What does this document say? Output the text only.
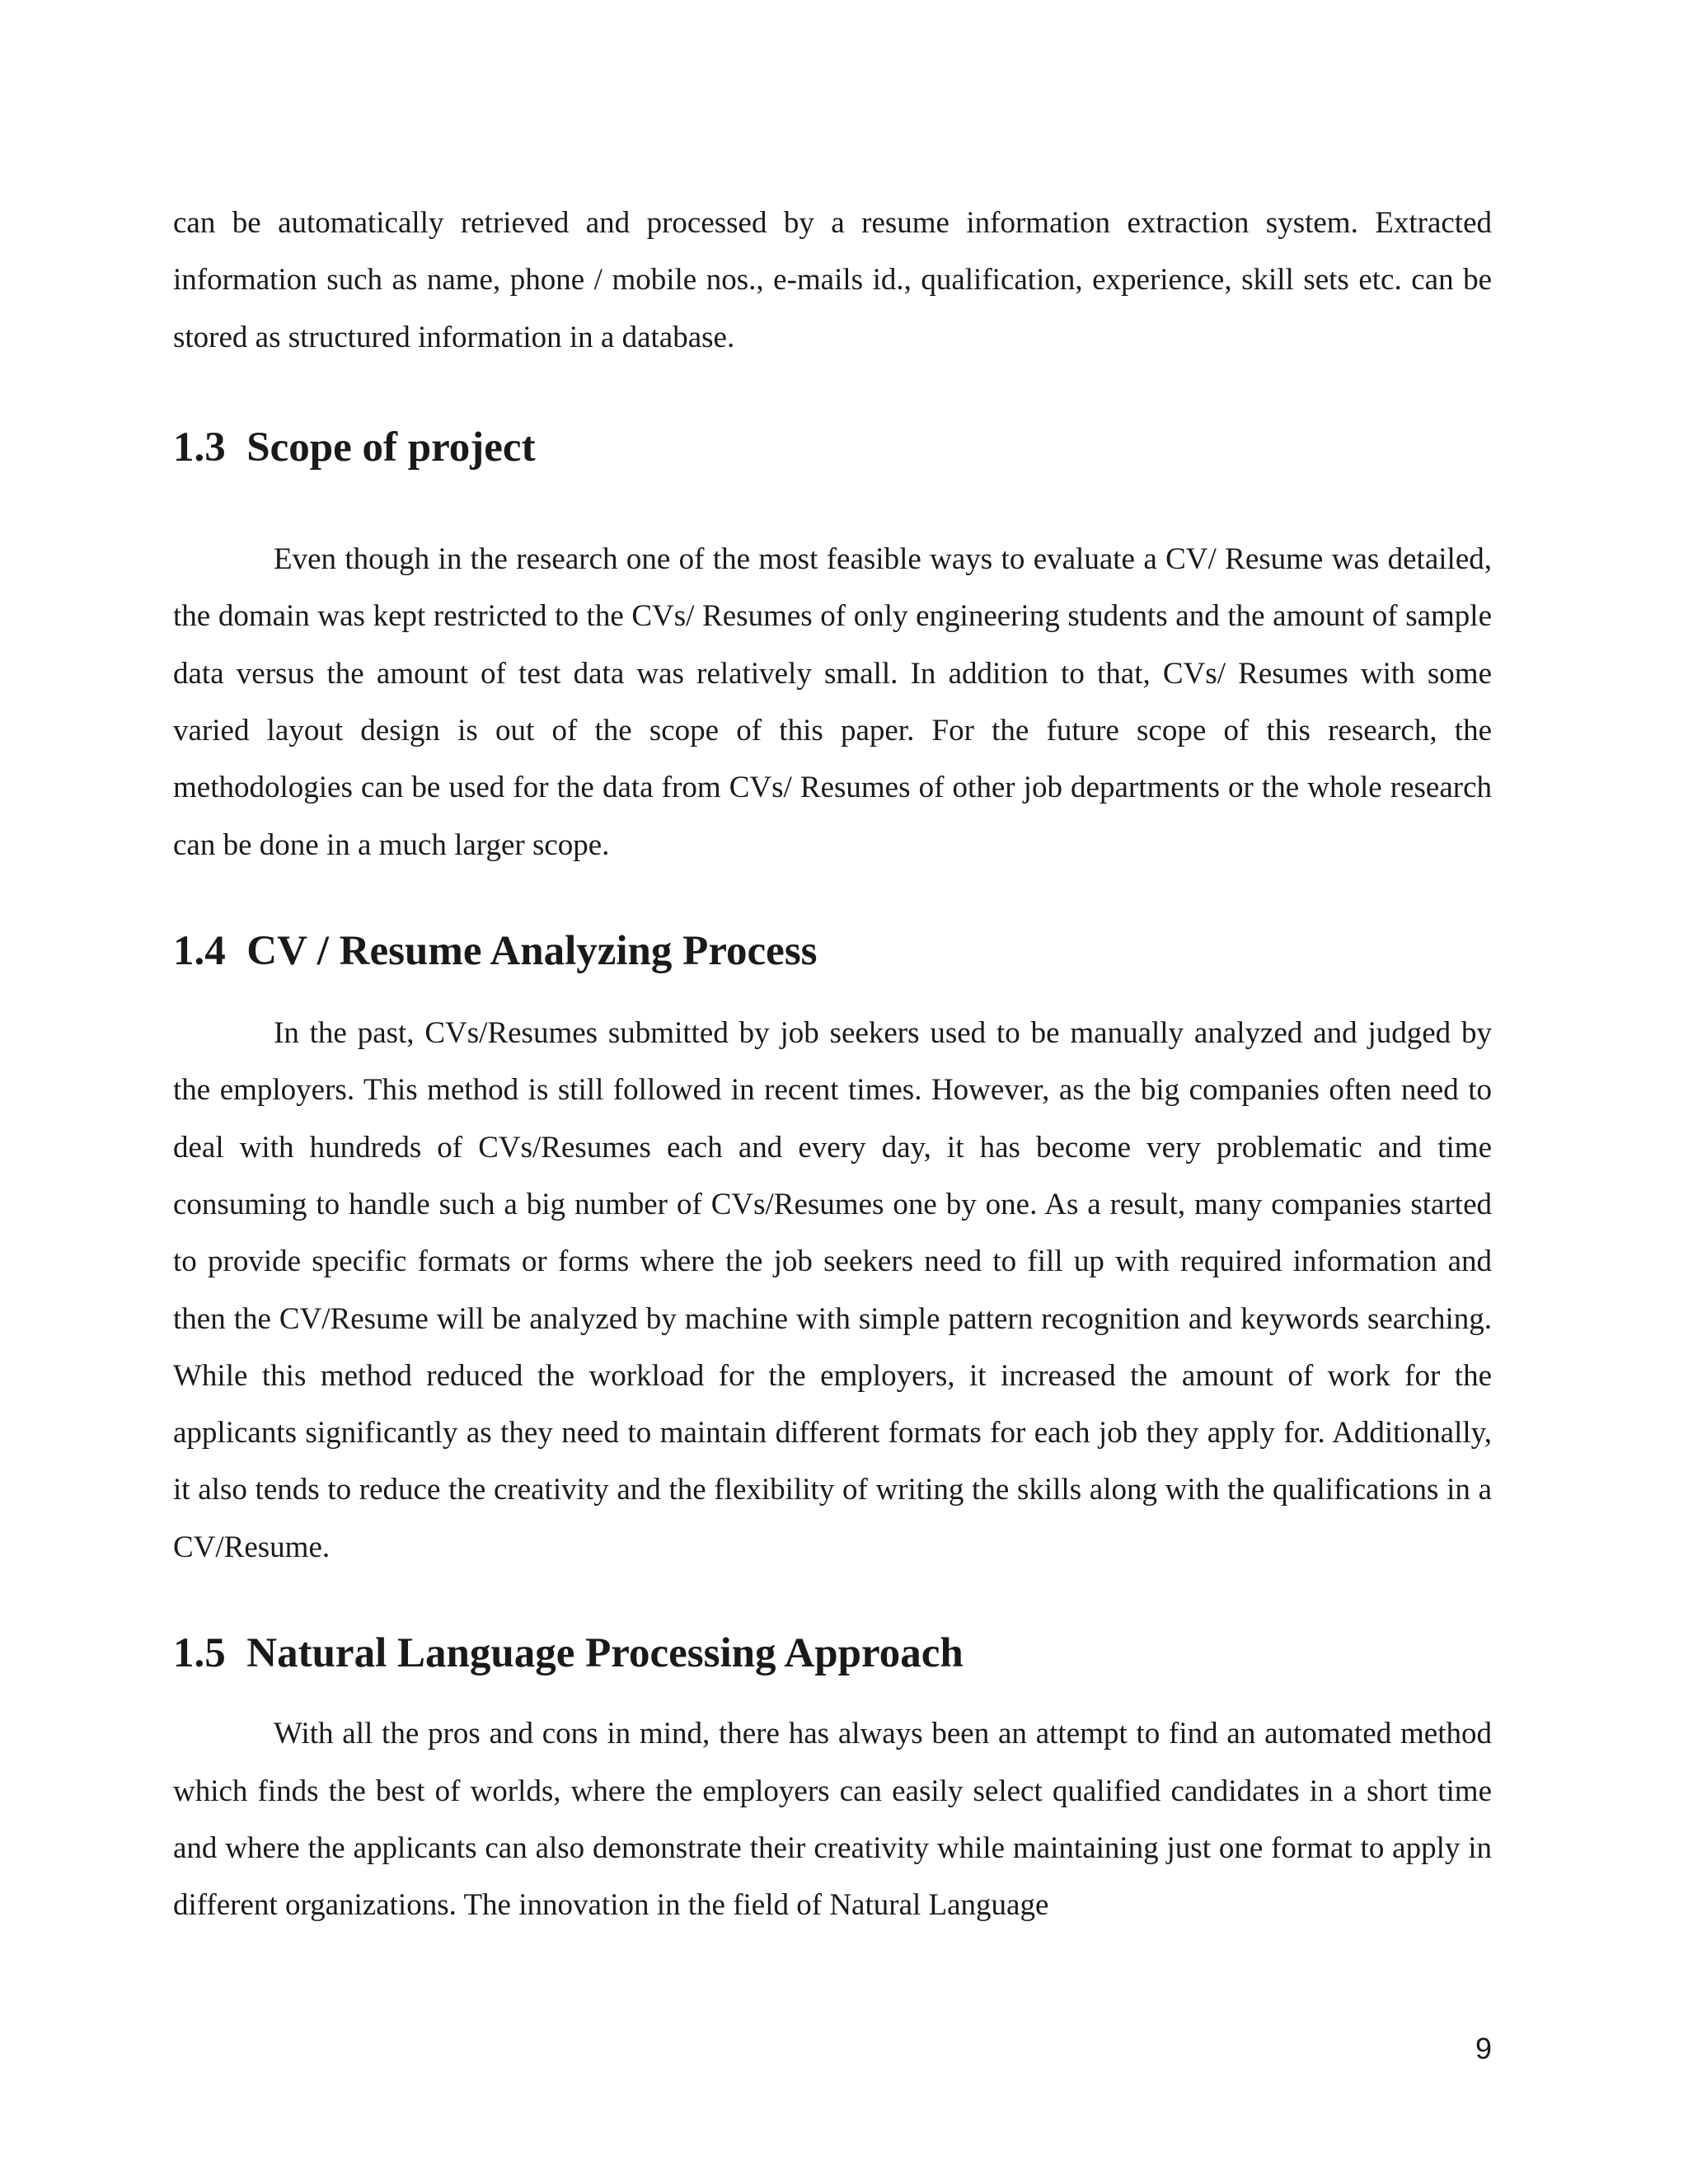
can be automatically retrieved and processed by a resume information extraction system. Extracted information such as name, phone / mobile nos., e-mails id., qualification, experience, skill sets etc. can be stored as structured information in a database.

1.3 Scope of project

Even though in the research one of the most feasible ways to evaluate a CV/ Resume was detailed, the domain was kept restricted to the CVs/ Resumes of only engineering students and the amount of sample data versus the amount of test data was relatively small. In addition to that, CVs/ Resumes with some varied layout design is out of the scope of this paper. For the future scope of this research, the methodologies can be used for the data from CVs/ Resumes of other job departments or the whole research can be done in a much larger scope.

1.4 CV / Resume Analyzing Process

In the past, CVs/Resumes submitted by job seekers used to be manually analyzed and judged by the employers. This method is still followed in recent times. However, as the big companies often need to deal with hundreds of CVs/Resumes each and every day, it has become very problematic and time consuming to handle such a big number of CVs/Resumes one by one. As a result, many companies started to provide specific formats or forms where the job seekers need to fill up with required information and then the CV/Resume will be analyzed by machine with simple pattern recognition and keywords searching. While this method reduced the workload for the employers, it increased the amount of work for the applicants significantly as they need to maintain different formats for each job they apply for. Additionally, it also tends to reduce the creativity and the flexibility of writing the skills along with the qualifications in a CV/Resume.

1.5 Natural Language Processing Approach

With all the pros and cons in mind, there has always been an attempt to find an automated method which finds the best of worlds, where the employers can easily select qualified candidates in a short time and where the applicants can also demonstrate their creativity while maintaining just one format to apply in different organizations. The innovation in the field of Natural Language

9
